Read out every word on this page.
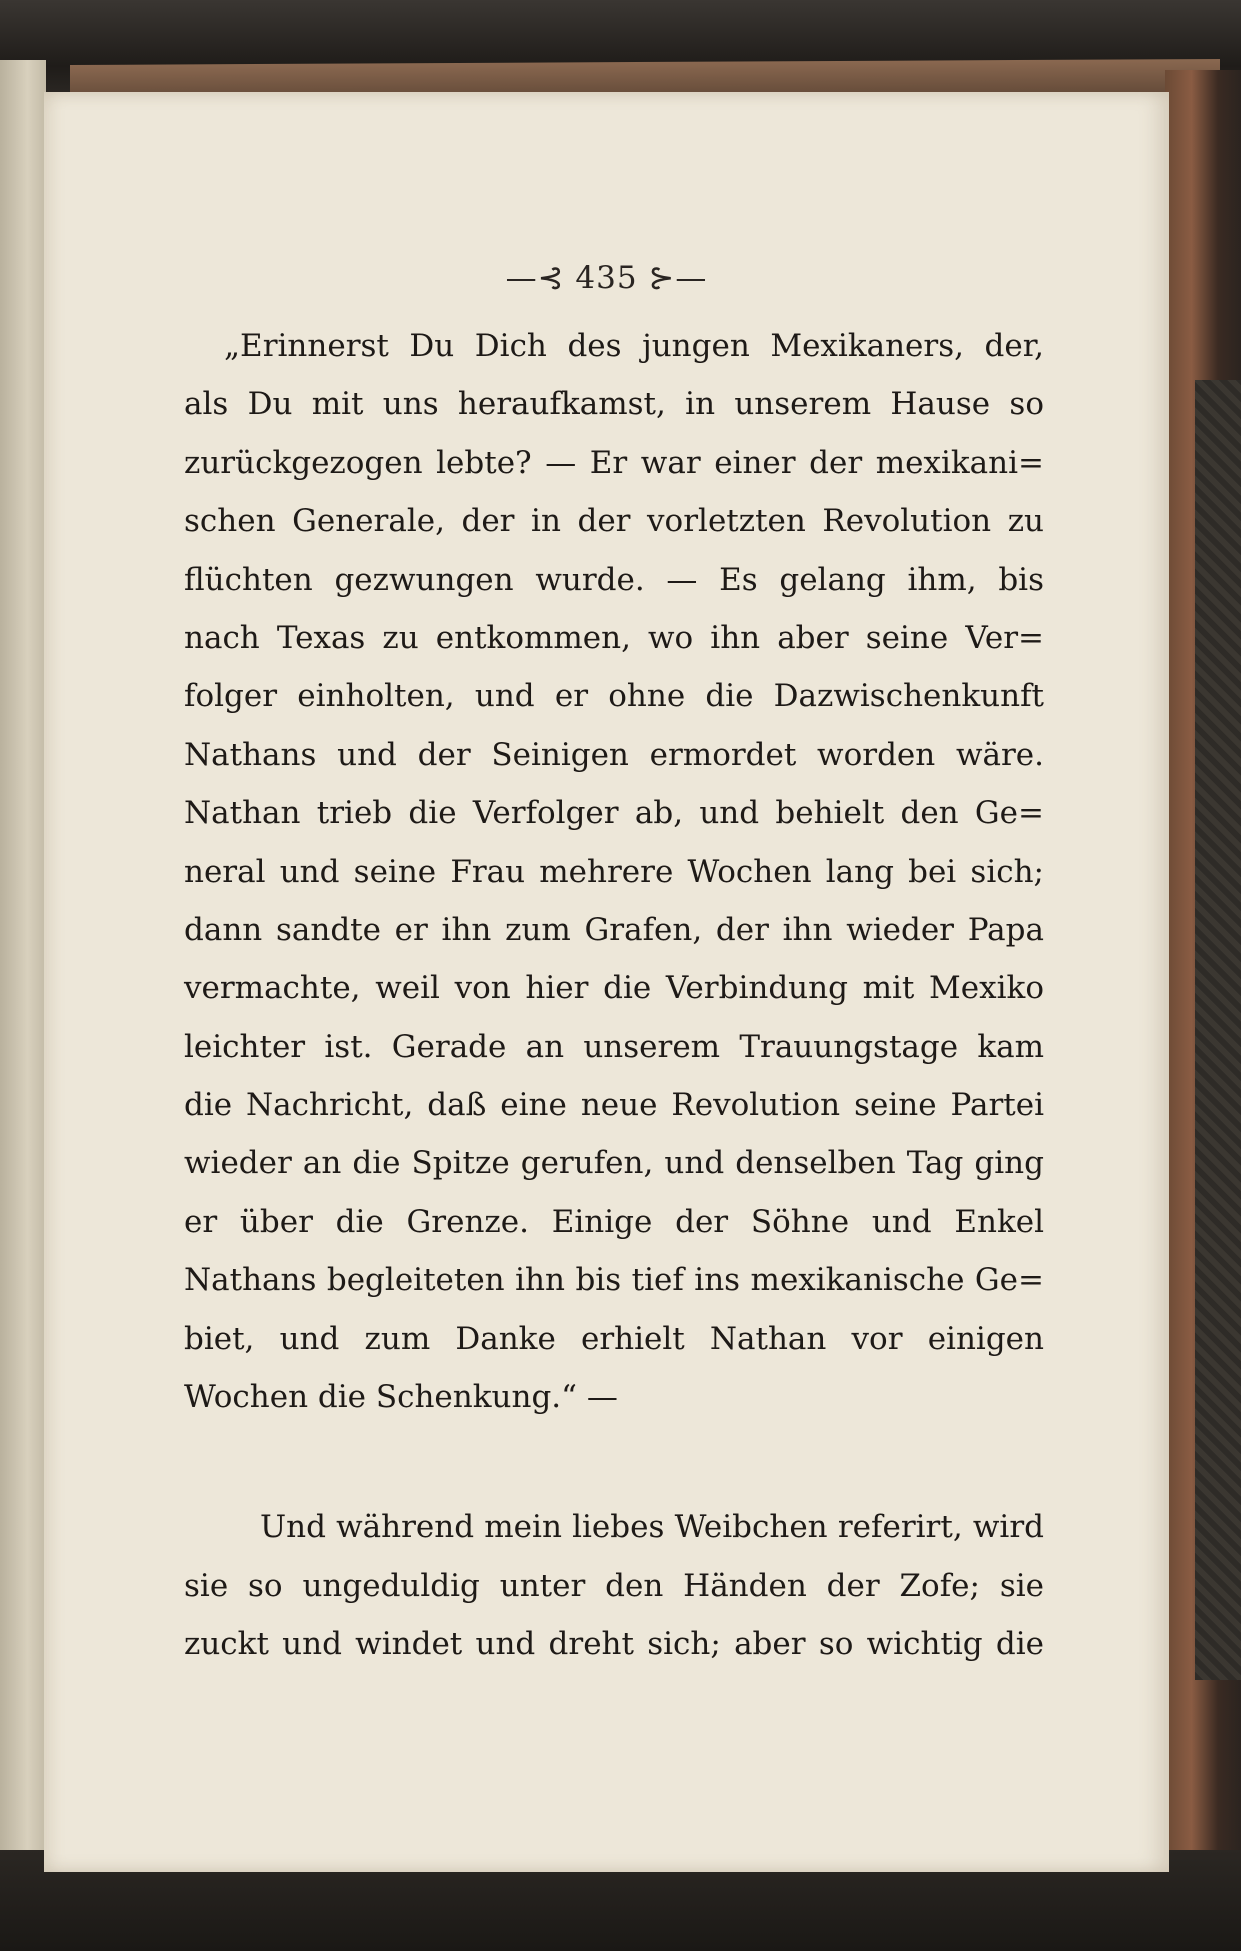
—⊰ 435 ⊱—
„Erinnerst Du Dich des jungen Mexikaners, der,
als Du mit uns heraufkamst, in unserem Hause so
zurückgezogen lebte? — Er war einer der mexikani=
schen Generale, der in der vorletzten Revolution zu
flüchten gezwungen wurde. — Es gelang ihm, bis
nach Texas zu entkommen, wo ihn aber seine Ver=
folger einholten, und er ohne die Dazwischenkunft
Nathans und der Seinigen ermordet worden wäre.
Nathan trieb die Verfolger ab, und behielt den Ge=
neral und seine Frau mehrere Wochen lang bei sich;
dann sandte er ihn zum Grafen, der ihn wieder Papa
vermachte, weil von hier die Verbindung mit Mexiko
leichter ist. Gerade an unserem Trauungstage kam
die Nachricht, daß eine neue Revolution seine Partei
wieder an die Spitze gerufen, und denselben Tag ging
er über die Grenze. Einige der Söhne und Enkel
Nathans begleiteten ihn bis tief ins mexikanische Ge=
biet, und zum Danke erhielt Nathan vor einigen
Wochen die Schenkung.“ —
Und während mein liebes Weibchen referirt, wird
sie so ungeduldig unter den Händen der Zofe; sie
zuckt und windet und dreht sich; aber so wichtig die
